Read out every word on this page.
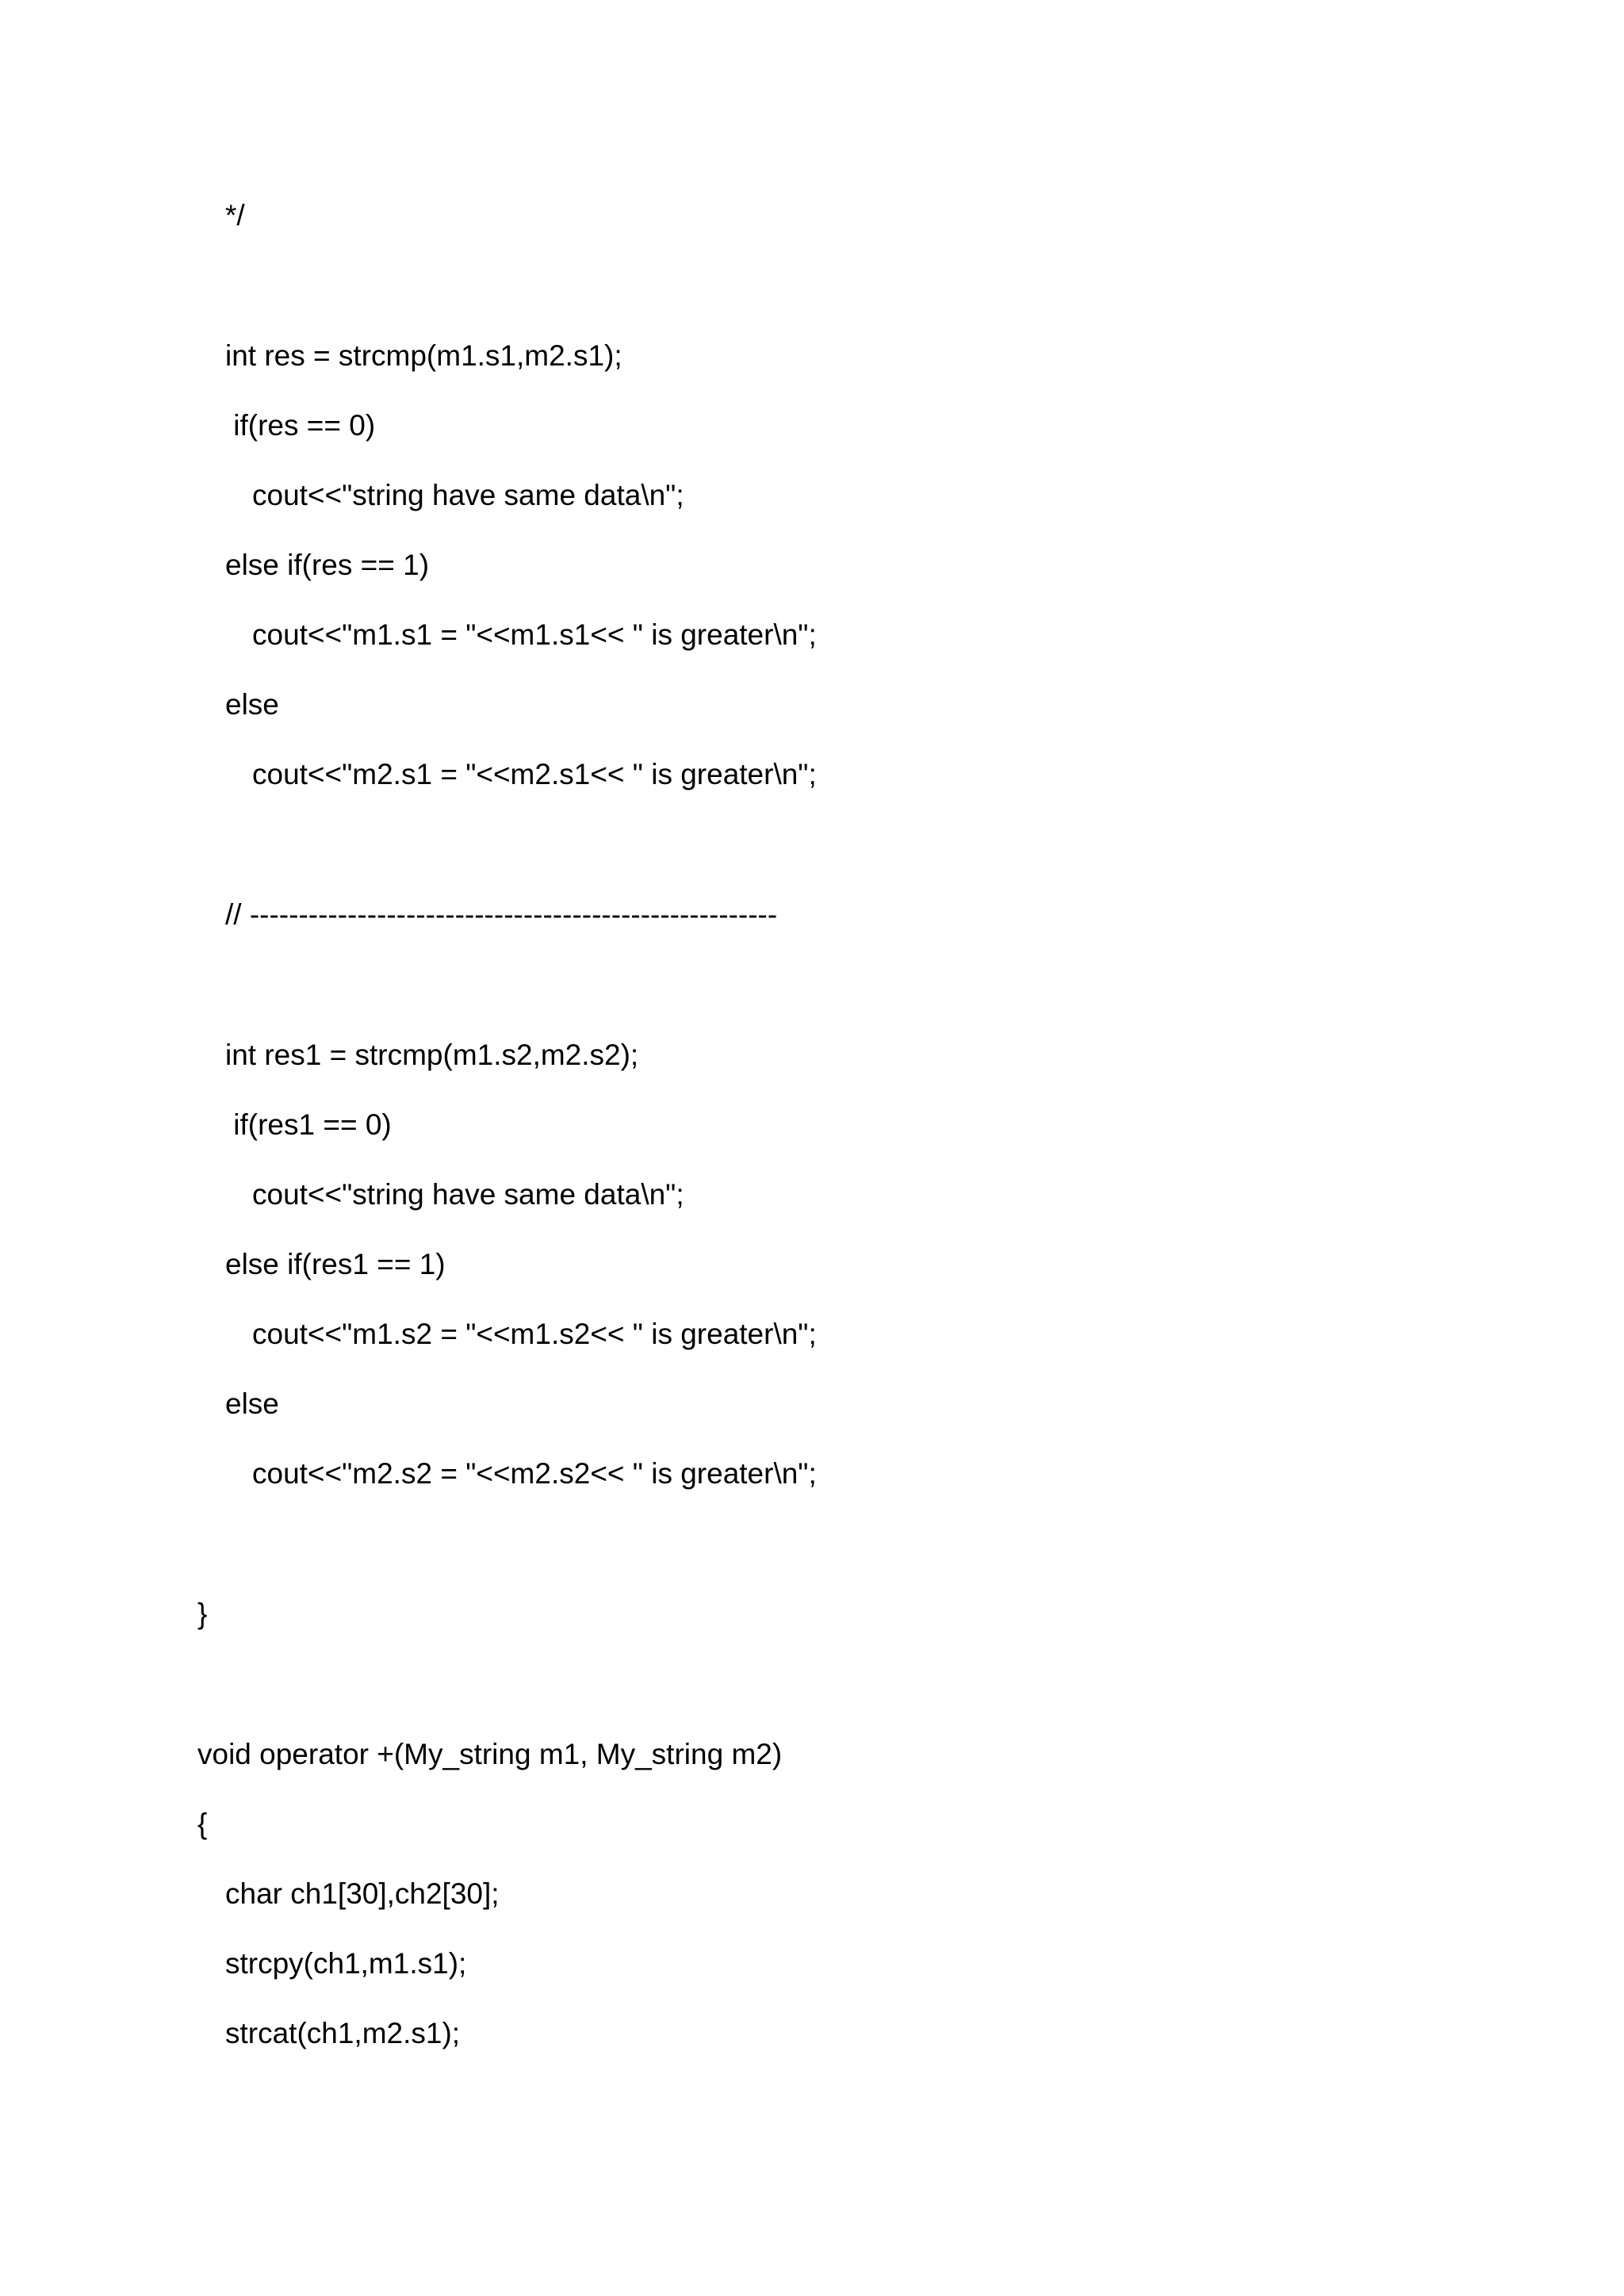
*/
int res = strcmp(m1.s1,m2.s1);
if(res == 0)
cout<<"string have same data\n";
else if(res == 1)
cout<<"m1.s1 = "<<m1.s1<< " is greater\n";
else
cout<<"m2.s1 = "<<m2.s1<< " is greater\n";
// ------------------------------------------------------
int res1 = strcmp(m1.s2,m2.s2);
if(res1 == 0)
cout<<"string have same data\n";
else if(res1 == 1)
cout<<"m1.s2 = "<<m1.s2<< " is greater\n";
else
cout<<"m2.s2 = "<<m2.s2<< " is greater\n";
}
void operator +(My_string m1, My_string m2)
{
char ch1[30],ch2[30];
strcpy(ch1,m1.s1);
strcat(ch1,m2.s1);
